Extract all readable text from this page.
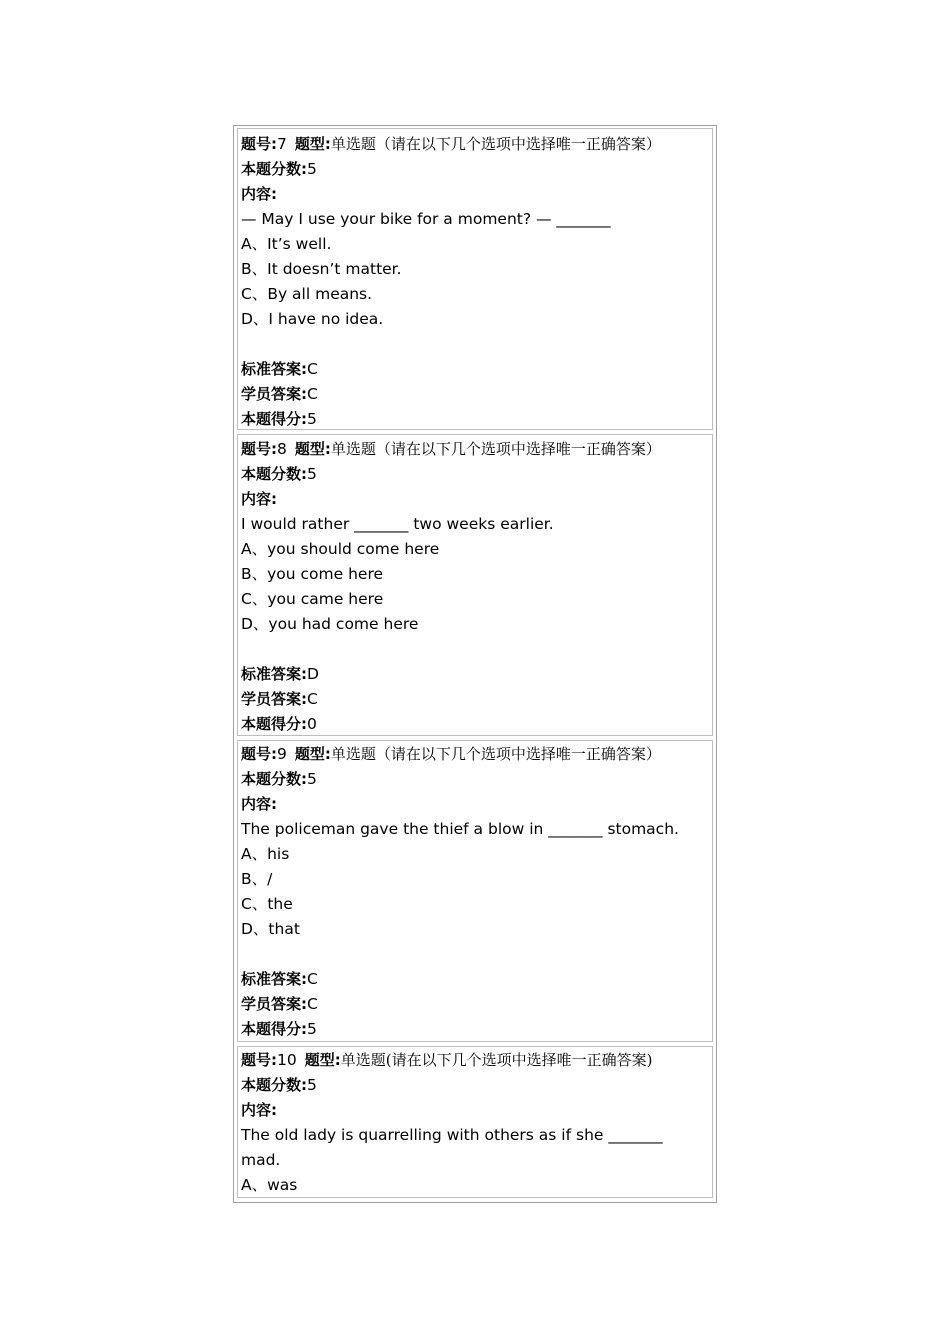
题号:7 题型:单选题（请在以下几个选项中选择唯一正确答案）
本题分数:5
内容:
— May I use your bike for a moment? — _______
A、It’s well.
B、It doesn’t matter.
C、By all means.
D、I have no idea.
标准答案:C
学员答案:C
本题得分:5
题号:8 题型:单选题（请在以下几个选项中选择唯一正确答案）
本题分数:5
内容:
I would rather _______ two weeks earlier.
A、you should come here
B、you come here
C、you came here
D、you had come here
标准答案:D
学员答案:C
本题得分:0
题号:9 题型:单选题（请在以下几个选项中选择唯一正确答案）
本题分数:5
内容:
The policeman gave the thief a blow in _______ stomach.
A、his
B、/
C、the
D、that
标准答案:C
学员答案:C
本题得分:5
题号:10 题型:单选题(请在以下几个选项中选择唯一正确答案)
本题分数:5
内容:
The old lady is quarrelling with others as if she _______
mad.
A、was
